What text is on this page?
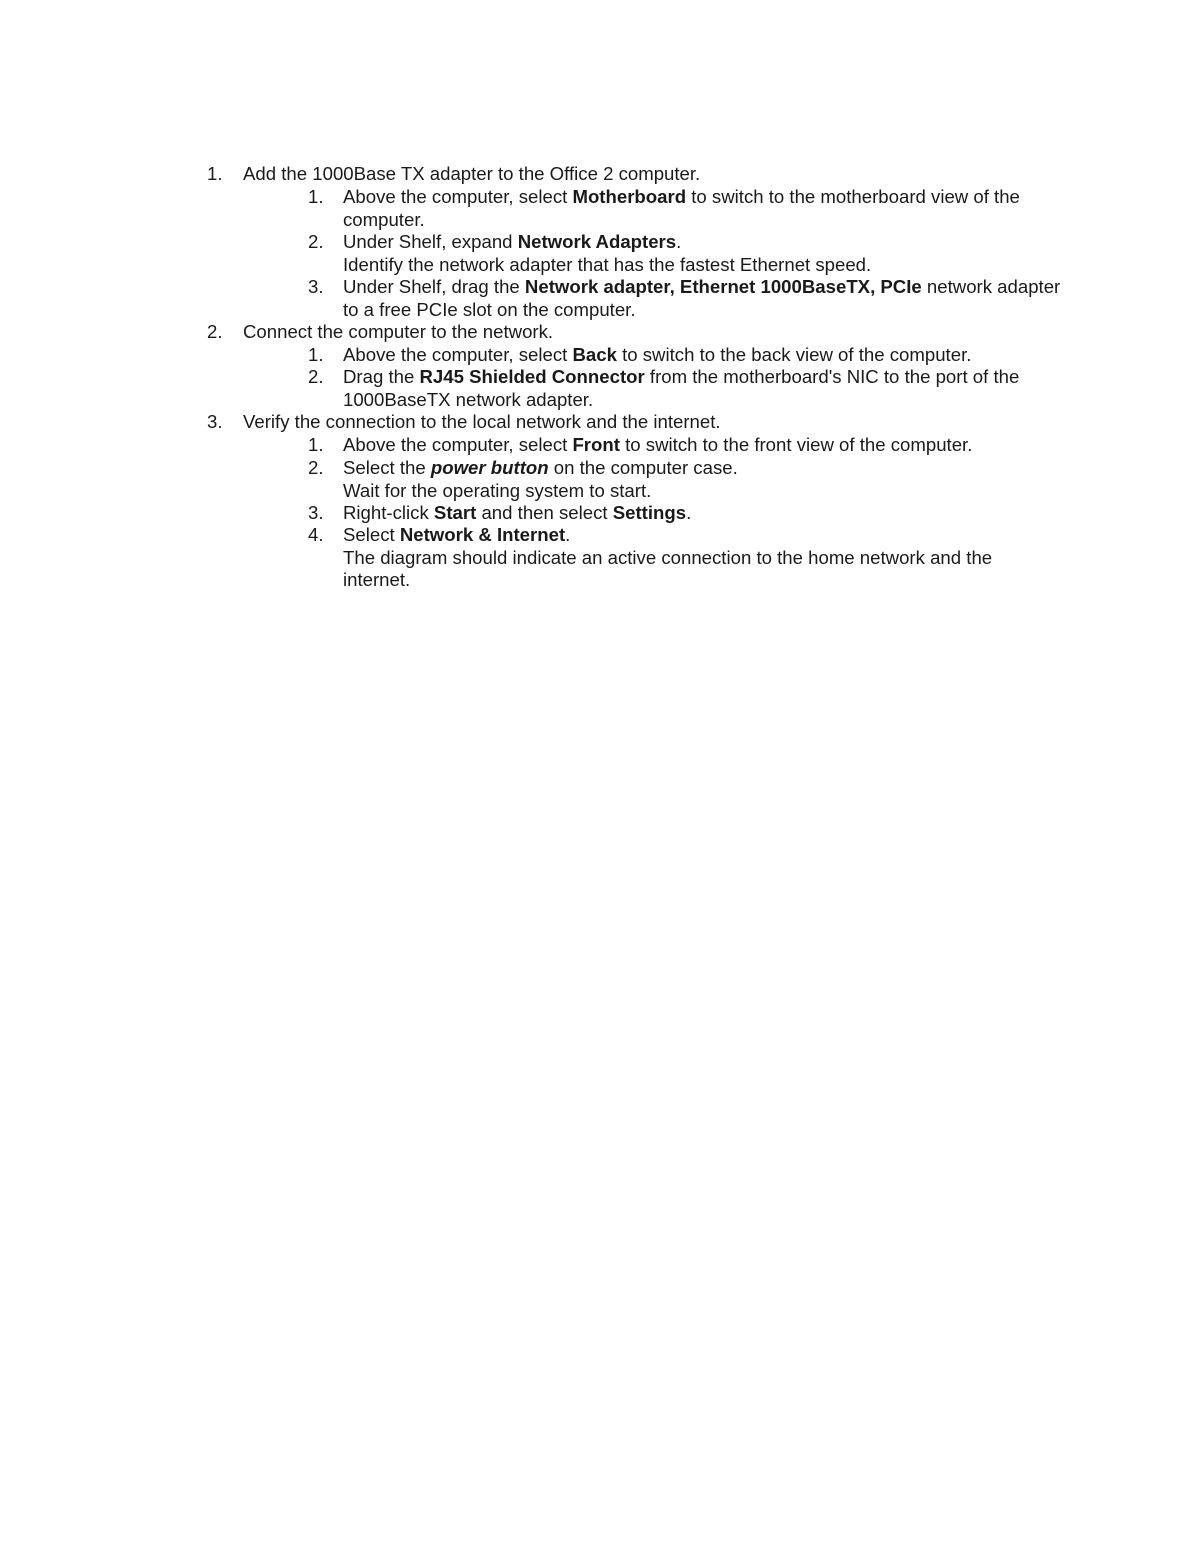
1. Add the 1000Base TX adapter to the Office 2 computer.
1. Above the computer, select Motherboard to switch to the motherboard view of the computer.
2. Under Shelf, expand Network Adapters.
Identify the network adapter that has the fastest Ethernet speed.
3. Under Shelf, drag the Network adapter, Ethernet 1000BaseTX, PCIe network adapter to a free PCIe slot on the computer.
2. Connect the computer to the network.
1. Above the computer, select Back to switch to the back view of the computer.
2. Drag the RJ45 Shielded Connector from the motherboard's NIC to the port of the 1000BaseTX network adapter.
3. Verify the connection to the local network and the internet.
1. Above the computer, select Front to switch to the front view of the computer.
2. Select the power button on the computer case.
Wait for the operating system to start.
3. Right-click Start and then select Settings.
4. Select Network & Internet.
The diagram should indicate an active connection to the home network and the internet.
